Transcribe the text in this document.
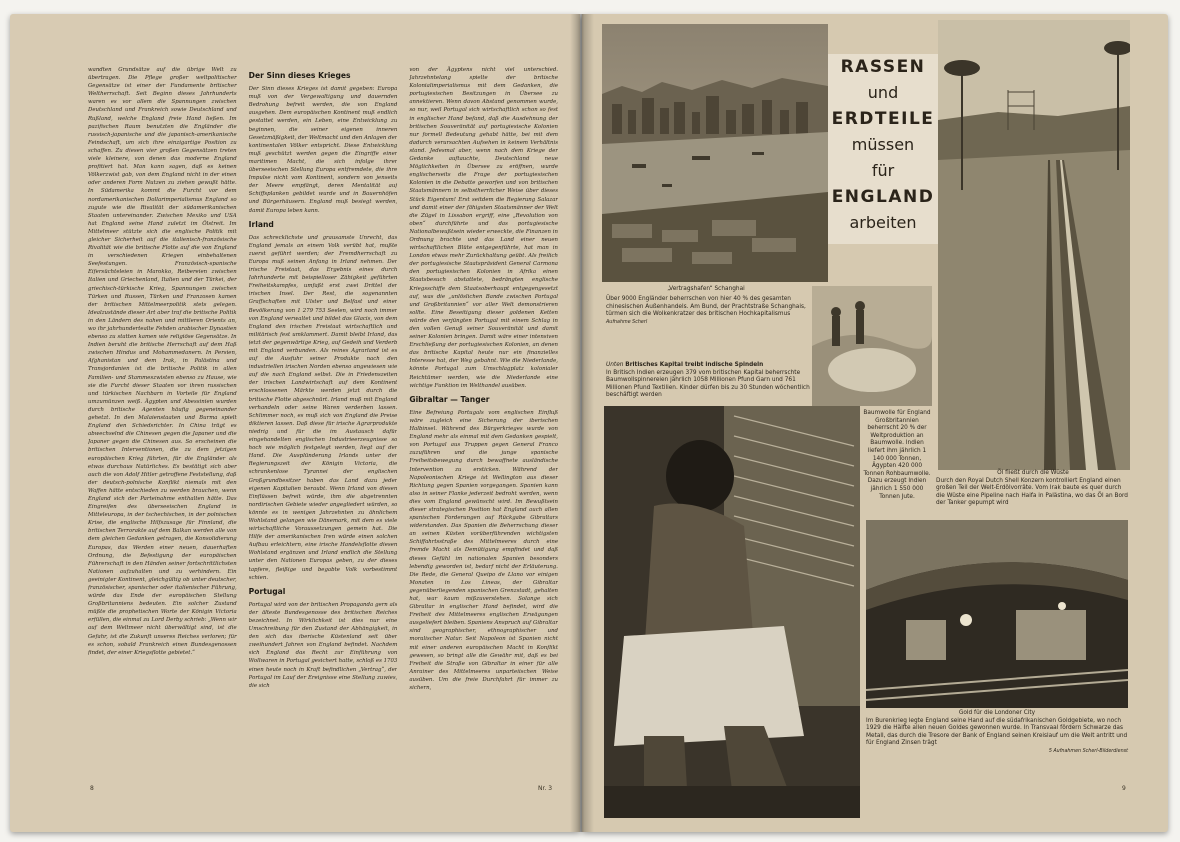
wandten Grundsätze auf die übrige Welt zu übertragen. Die Pflege großer weltpolitischer Gegensätze ist einer der Fundamente britischer Weltherrschaft. Seit Beginn dieses Jahrhunderts waren es vor allem die Spannungen zwischen Deutschland und Frankreich sowie Deutschland und Rußland, welche England freie Hand ließen. Im pazifischen Raum benutzten die Engländer die russisch-japanische und die japanisch-amerikanische Feindschaft, um sich ihre einzigartige Position zu schaffen. Zu diesen vier großen Gegensätzen treten viele kleinere, von denen das moderne England profitiert hat. Man kann sagen, daß es keinen Völkerzwist gab, von dem England nicht in der einen oder anderen Form Nutzen zu ziehen gewußt hätte. In Südamerika kommt die Furcht vor dem nordamerikanischen Dollarimperialismus England so zugute wie die Rivalität der südamerikanischen Staaten untereinander. Zwischen Mexiko und USA hat England seine Hand zuletzt im Ölstreit. Im Mittelmeer stützte sich die englische Politik mit gleicher Sicherheit auf die italienisch-französische Rivalität wie die britische Flotte auf die von England in verschiedenen Kriegen einbehaltenen Seefestungen. Französisch-spanische Eifersüchteleien in Marokko, Reibereien zwischen Italien und Griechenland, Italien und der Türkei, der griechisch-türkische Krieg, Spannungen zwischen Türken und Russen, Türken und Franzosen kamen der britischen Mittelmeerpolitik stets gelegen. Idealzustände dieser Art aber traf die britische Politik in den Ländern des nahen und mittleren Orients an, wo ihr jahrhundertealte Fehden arabischer Dynastien ebenso zu statten kamen wie religiöse Gegensätze. In Indien beruht die britische Herrschaft auf dem Haß zwischen Hindus und Mohammedanern. In Persien, Afghanistan und dem Irak, in Palästina und Transjordanien ist die britische Politik in allen Familien- und Stammeszwisten ebenso zu Hause, wie sie die Furcht dieser Staaten vor ihren russischen und türkischen Nachbarn in Vorteile für England umzumünzen weiß. Ägypten und Abessinien wurden durch britische Agenten häufig gegeneinander gehetzt. In den Malaienstaaten und Burma spielt England den Schiedsrichter. In China trägt es abwechselnd die Chinesen gegen die Japaner und die Japaner gegen die Chinesen aus. So erscheinen die britischen Interventionen, die zu dem jetzigen europäischen Krieg führten, für die Engländer als etwas durchaus Natürliches. Es bestätigt sich aber auch die von Adolf Hitler getroffene Feststellung, daß der deutsch-polnische Konflikt niemals mit den Waffen hätte entschieden zu werden brauchen, wenn England sich der Parteinahme enthalten hätte. Das Eingreifen des überseeischen England in Mitteleuropa, in der tschechischen, in der polnischen Krise, die englische Hilfszusage für Finnland, die britischen Terrorakte auf dem Balkan werden alle von dem gleichen Gedanken getragen, die Konsolidierung Europas, das Werden einer neuen, dauerhaften Ordnung, die Befestigung der europäischen Führerschaft in den Händen seiner fortschrittlichsten Nationen aufzuhalten und zu verhindern. Ein geeinigter Kontinent, gleichgültig ob unter deutscher, französischer, spanischer oder italienischer Führung, würde das Ende der europäischen Stellung Großbritanniens bedeuten. Ein solcher Zustand müßte die prophetischen Worte der Königin Victoria erfüllen, die einmal zu Lord Derby schrieb: „Wenn wir auf dem Weltmeer nicht überwältigt sind, ist die Gefahr, ist die Zukunft unseres Reiches verloren; für es schon, sobald Frankreich einen Bundesgenossen findet, der einer Kriegsflotte gebietet.“

Der Sinn dieses Krieges

Der Sinn dieses Krieges ist damit gegeben: Europa muß von der Vergewaltigung und dauernden Bedrohung befreit werden, die von England ausgehen. Dem europäischen Kontinent muß endlich gestattet werden, ein Leben, eine Entwicklung zu beginnen, die seiner eigenen inneren Gesetzmäßigkeit, der Weltmacht und den Anlagen der kontinentalen Völker entspricht. Diese Entwicklung muß geschützt werden gegen die Eingriffe einer maritimen Macht, die sich infolge ihrer überseeischen Stellung Europa entfremdete, die ihre Impulse nicht vom Kontinent, sondern von jenseits der Meere empfängt, deren Mentalität auf Schiffsplanken gebildet wurde und in Bauernhöfen und Bürgerhäusern. England muß besiegt werden, damit Europa leben kann.

Irland

Das schrecklichste und grausamste Unrecht, das England jemals an einem Volk verübt hat, mußte zuerst geführt werden; der Fremdherrschaft zu Europa muß seinen Anfang in Irland nehmen. Der irische Freistaat, das Ergebnis eines durch Jahrhunderte mit beispielloser Zähigkeit geführten Freiheitskampfes, umfaßt erst zwei Drittel der irischen Insel. Der Rest, die sogenannten Graffschaften mit Ulster und Belfast und einer Bevölkerung von 1 279 753 Seelen, wird noch immer von England verwaltet und bildet das Glacis, von dem England den irischen Freistaat wirtschaftlich und militärisch fest umklammert. Damit bleibt Irland, das jetzt der gegenwärtige Krieg, auf Gedeih und Verderb mit England verbunden. Als reines Agrarland ist es auf die Ausfuhr seiner Produkte nach den industriellen irischen Norden ebenso angewiesen wie auf die nach England selbst. Die in Friedenszeiten der irischen Landwirtschaft auf dem Kontinent erschlossenen Märkte werden jetzt durch die britische Flotte abgeschnürt. Irland muß mit England verhandeln oder seine Waren verderben lassen. Schlimmer noch, es muß sich von England die Preise diktieren lassen. Daß diese für irische Agrarprodukte niedrig und für die im Austausch dafür eingehandelten englischen Industrieerzeugnisse so hoch wie möglich festgelegt werden, liegt auf der Hand. Die Ausplünderung Irlands unter der Regierungszeit der Königin Victoria, die schrankenlose Tyrannei der englischen Großgrundbesitzer haben das Land dazu jeder eigenen Kapitalien beraubt. Wenn Irland von diesen Einflüssen befreit würde, ihm die abgetrennten nordirischen Gebiete wieder angegliedert würden, so könnte es in wenigen Jahrzehnten zu ähnlichem Wohlstand gelangen wie Dänemark, mit dem es viele wirtschaftliche Voraussetzungen gemein hat. Die Hilfe der amerikanischen Iren würde einen solchen Aufbau erleichtern, eine irische Handelsflotte diesen Wohlstand ergänzen und Irland endlich die Stellung unter den Nationen Europas geben, zu der dieses tapfere, fleißige und begabte Volk vorbestimmt schien.

Portugal

Portugal wird von der britischen Propaganda gern als der älteste Bundesgenosse des britischen Reiches bezeichnet. In Wirklichkeit ist dies nur eine Umschreibung für den Zustand der Abhängigkeit, in den sich das iberische Küstenland seit über zweihundert Jahren von England befindet. Nachdem sich England das Recht zur Einführung von Wollwaren in Portugal gesichert hatte, schloß es 1703 einen heute noch in Kraft befindlichen „Vertrag“, der Portugal im Lauf der Ereignisse eine Stellung zuwies, die sich

von der Ägyptens nicht viel unterschied. Jahrzehntelang spielte der britische Kolonialimperialismus mit dem Gedanken, die portugiesischen Besitzungen in Übersee zu annektieren. Wenn davon Abstand genommen wurde, so nur, weil Portugal sich wirtschaftlich schon so fest in englischer Hand befand, daß die Ausdehnung der britischen Souveränität auf portugiesische Kolonien nur formell Bedeutung gehabt hätte, bei mit dem dadurch verursachten Aufsehen in keinem Verhältnis stand. Jedesmal aber, wenn nach dem Kriege der Gedanke auftauchte, Deutschland neue Möglichkeiten in Übersee zu eröffnen, wurde englischerseits die Frage der portugiesischen Kolonien in die Debatte geworfen und von britischen Staatsmännern in selbstherrlicher Weise über dieses Stück Eigentum! Erst seitdem die Regierung Salazar und damit einer der fähigsten Staatsmänner der Welt die Zügel in Lissabon ergriff, eine „Revolution von oben“ durchführte und das portugiesische Nationalbewußtsein wieder erweckte, die Finanzen in Ordnung brachte und das Land einer neuen wirtschaftlichen Blüte entgegenführte, hat man in London etwas mehr Zurückhaltung geübt. Als freilich der portugiesische Staatspräsident General Carmona den portugiesischen Kolonien in Afrika einen Staatsbesuch abstattete, bedrängten englische Kriegsschiffe dem Staatsoberhaupt entgegengesetzt auf, was die „unlöslichen Bande zwischen Portugal und Großbritannien“ vor aller Welt demonstrieren sollte. Eine Beseitigung dieser goldenen Ketten würde den verjüngten Portugal mit einem Schlag in den vollen Genuß seiner Souveränität und damit seiner Kolonien bringen. Damit wäre einer intensiven Erschließung der portugiesischen Kolonien, an denen das britische Kapital heute nur ein finanzielles Interesse hat, der Weg gebahnt. Wie die Niederlande, könnte Portugal zum Umschlagplatz kolonialer Reichtümer werden, wie die Niederlande eine wichtige Funktion im Welthandel ausüben.

Gibraltar — Tanger

Eine Befreiung Portugals vom englischen Einfluß wäre zugleich eine Sicherung der iberischen Halbinsel. Während des Bürgerkrieges wurde von England mehr als einmal mit dem Gedanken gespielt, von Portugal aus Truppen gegen General Franco zuzuführen und die junge spanische Freiheitsbewegung durch bewaffnete ausländische Intervention zu ersticken. Während der Napoleonischen Kriege ist Wellington aus dieser Richtung gegen Spanien vorgegangen. Spanien kann also in seiner Flanke jederzeit bedroht werden, wenn dies vom England gewünscht wird. Im Bewußtsein dieser strategischen Position hat England auch allen spanischen Forderungen auf Rückgabe Gibraltars widerstanden. Das Spanien die Beherrschung dieser an seinen Küsten vorüberführenden wichtigsten Schiffahrtsstraße des Mittelmeeres durch eine fremde Macht als Demütigung empfindet und daß dieses Gefühl im nationalen Spanien besonders lebendig geworden ist, bedarf nicht der Erläuterung. Die Rede, die General Queipo de Llano vor einigen Monaten in Los Lineas, der Gibraltar gegenüberliegenden spanischen Grenzstadt, gehalten hat, war kaum mißzuverstehen. Solange sich Gibraltar in englischer Hand befindet, wird die Freiheit des Mittelmeeres englischen Erwägungen ausgeliefert bleiben. Spaniens Anspruch auf Gibraltar sind geographischer, ethnographischer und moralischer Natur. Seit Napoleon ist Spanien nicht mit einer anderen europäischen Macht in Konflikt gewesen, so bringt alle die Gewähr mit, daß es bei Freiheit die Straße von Gibraltar in einer für alle Anrainer des Mittelmeeres unparteiischen Weise ausüben. Um die freie Durchfahrt für immer zu sichern,

8	Nr. 3
RASSEN
und
ERDTEILE
müssen
für
ENGLAND
arbeiten
„Vertragshafen“ Schanghai
Über 9000 Engländer beherrschen von hier 40 % des gesamten chinesischen Außenhandels. Am Bund, der Prachtstraße Schanghais, türmen sich die Wolkenkratzer des britischen Hochkapitalismus Aufnahme Scherl
Unten Britisches Kapital treibt indische Spindeln
In Britisch Indien erzeugen 379 vom britischen Kapital beherrschte Baumwollspinnereien jährlich 1058 Millionen Pfund Garn und 761 Millionen Pfund Textilien. Kinder dürfen bis zu 30 Stunden wöchentlich beschäftigt werden
Baumwolle für England
Großbritannien beherrscht 20 % der Weltproduktion an Baumwolle. Indien liefert ihm jährlich 1 140 000 Tonnen, Ägypten 420 000 Tonnen Rohbaumwolle. Dazu erzeugt Indien jährlich 1 550 000 Tonnen Jute.
Öl fließt durch die Wüste
Durch den Royal Dutch Shell Konzern kontrolliert England einen großen Teil der Welt-Erdölvorräte. Vom Irak baute es quer durch die Wüste eine Pipeline nach Haifa in Palästina, wo das Öl an Bord der Tanker gepumpt wird
Gold für die Londoner City
Im Burenkrieg legte England seine Hand auf die südafrikanischen Goldgebiete, wo noch 1929 die Hälfte allen neuen Goldes gewonnen wurde. In Transvaal fördern Schwarze das Metall, das durch die Tresore der Bank of England seinen Kreislauf um die Welt antritt und für England Zinsen trägt
5 Aufnahmen Scherl-Bilderdienst
9
